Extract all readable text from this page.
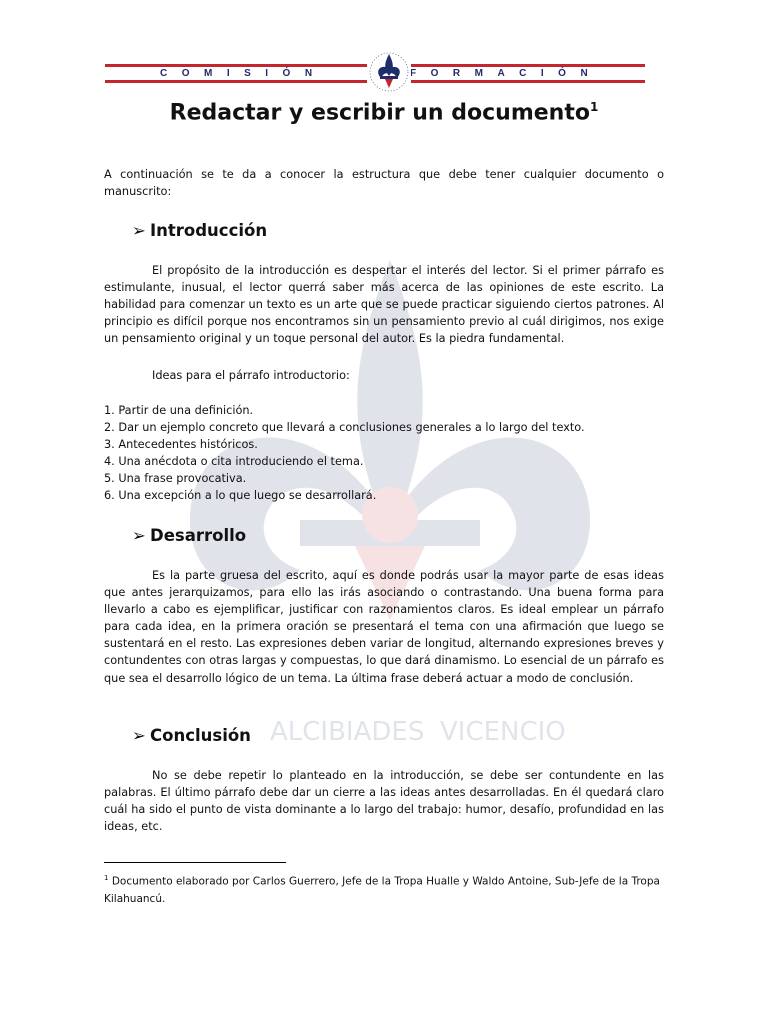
COMISIÓN	FORMACIÓN
ALCIBIADES VICENCIO
Redactar y escribir un documento$^1$

A continuación se te da a conocer la estructura que debe tener cualquier documento o manuscrito:

➢ Introducción

El propósito de la introducción es despertar el interés del lector. Si el primer párrafo es estimulante, inusual, el lector querrá saber más acerca de las opiniones de este escrito. La habilidad para comenzar un texto es un arte que se puede practicar siguiendo ciertos patrones. Al principio es difícil porque nos encontramos sin un pensamiento previo al cuál dirigimos, nos exige un pensamiento original y un toque personal del autor. Es la piedra fundamental.

Ideas para el párrafo introductorio:

1. Partir de una definición.
2. Dar un ejemplo concreto que llevará a conclusiones generales a lo largo del texto.
3. Antecedentes históricos.
4. Una anécdota o cita introduciendo el tema.
5. Una frase provocativa.
6. Una excepción a lo que luego se desarrollará.
➢ Desarrollo

Es la parte gruesa del escrito, aquí es donde podrás usar la mayor parte de esas ideas que antes jerarquizamos, para ello las irás asociando o contrastando. Una buena forma para llevarlo a cabo es ejemplificar, justificar con razonamientos claros. Es ideal emplear un párrafo para cada idea, en la primera oración se presentará el tema con una afirmación que luego se sustentará en el resto. Las expresiones deben variar de longitud, alternando expresiones breves y contundentes con otras largas y compuestas, lo que dará dinamismo. Lo esencial de un párrafo es que sea el desarrollo lógico de un tema. La última frase deberá actuar a modo de conclusión.

➢ Conclusión

No se debe repetir lo planteado en la introducción, se debe ser contundente en las palabras. El último párrafo debe dar un cierre a las ideas antes desarrolladas. En él quedará claro cuál ha sido el punto de vista dominante a lo largo del trabajo: humor, desafío, profundidad en las ideas, etc.

$^1$ Documento elaborado por Carlos Guerrero, Jefe de la Tropa Hualle y Waldo Antoine, Sub-Jefe de la Tropa Kilahuancú.
